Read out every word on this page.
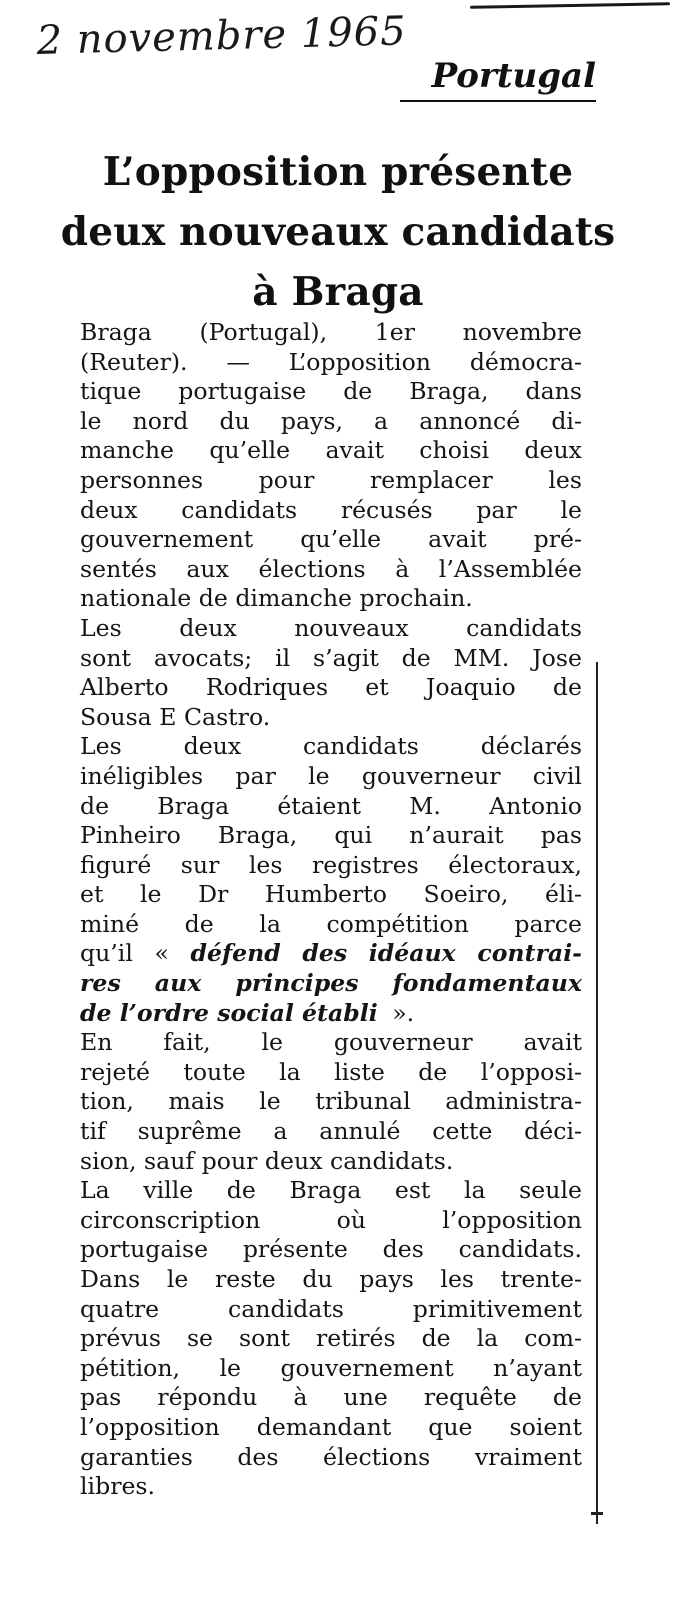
2 novembre 1965
Portugal
L’opposition présente
deux nouveaux candidats
à Braga
Braga (Portugal), 1er novembre
(Reuter). — L’opposition démocra-
tique portugaise de Braga, dans
le nord du pays, a annoncé di-
manche qu’elle avait choisi deux
personnes pour remplacer les
deux candidats récusés par le
gouvernement qu’elle avait pré-
sentés aux élections à l’Assemblée
nationale de dimanche prochain.
Les deux nouveaux candidats
sont avocats; il s’agit de MM. Jose
Alberto Rodriques et Joaquio de
Sousa E Castro.
Les	deux	candidats	déclarés
inéligibles par le gouverneur civil
de Braga étaient M. Antonio
Pinheiro Braga, qui n’aurait pas
figuré sur les registres électoraux,
et le Dr Humberto Soeiro, éli-
miné de la compétition parce
qu’il « défend des idéaux contrai-
res aux principes fondamentaux
de l’ordre social établi».
En fait, le gouverneur avait
rejeté toute la liste de l’opposi-
tion, mais le tribunal administra-
tif suprême a annulé cette déci-
sion, sauf pour deux candidats.
La ville de Braga est la seule
circonscription	où	l’opposition
portugaise présente des candidats.
Dans le reste du pays les trente-
quatre	candidats	primitivement
prévus se sont retirés de la com-
pétition, le gouvernement n’ayant
pas répondu à une requête de
l’opposition demandant que soient
garanties des élections vraiment
libres.
